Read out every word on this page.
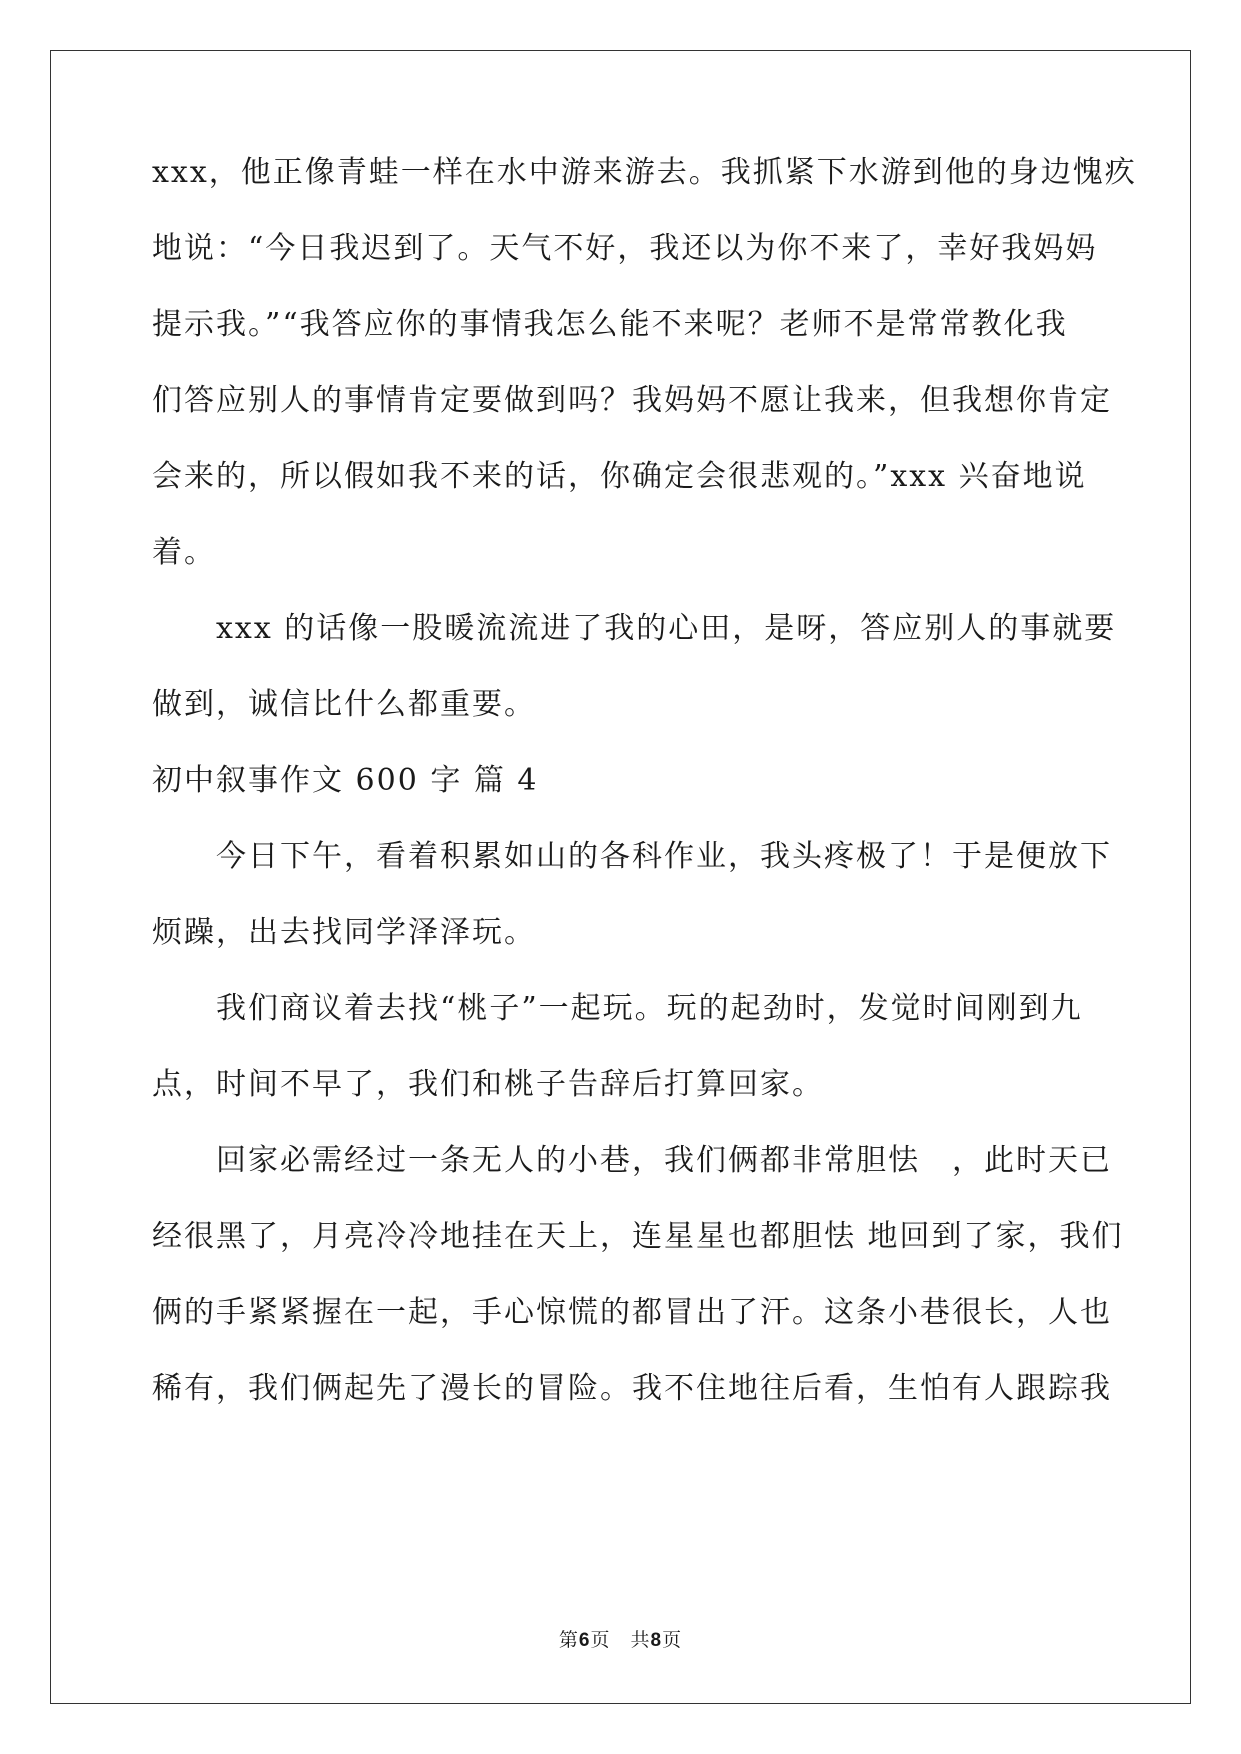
xxx，他正像青蛙一样在水中游来游去。我抓紧下水游到他的身边愧疚
地说：“今日我迟到了。天气不好，我还以为你不来了，幸好我妈妈
提示我。”“我答应你的事情我怎么能不来呢？老师不是常常教化我
们答应别人的事情肯定要做到吗？我妈妈不愿让我来，但我想你肯定
会来的，所以假如我不来的话，你确定会很悲观的。”xxx 兴奋地说
着。
　　xxx 的话像一股暖流流进了我的心田，是呀，答应别人的事就要
做到，诚信比什么都重要。
初中叙事作文 600 字 篇 4
　　今日下午，看着积累如山的各科作业，我头疼极了！于是便放下
烦躁，出去找同学泽泽玩。
　　我们商议着去找“桃子”一起玩。玩的起劲时，发觉时间刚到九
点，时间不早了，我们和桃子告辞后打算回家。
　　回家必需经过一条无人的小巷，我们俩都非常胆怯　，此时天已
经很黑了，月亮冷冷地挂在天上，连星星也都胆怯 地回到了家，我们
俩的手紧紧握在一起，手心惊慌的都冒出了汗。这条小巷很长，人也
稀有，我们俩起先了漫长的冒险。我不住地往后看，生怕有人跟踪我
第6页　共8页
